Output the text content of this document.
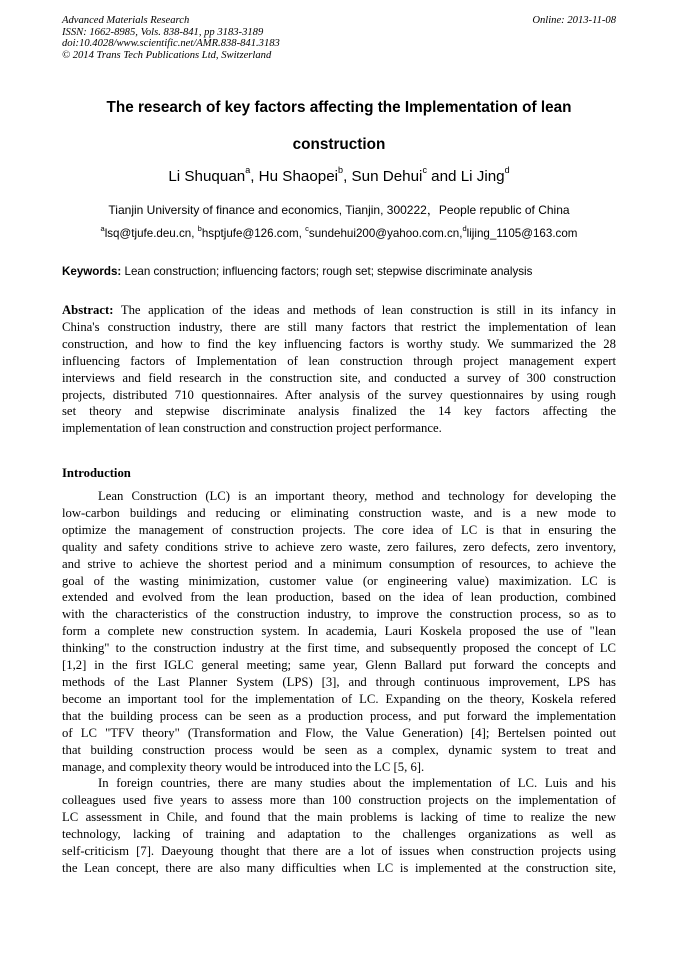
Advanced Materials Research	Online: 2013-11-08
ISSN: 1662-8985, Vols. 838-841, pp 3183-3189
doi:10.4028/www.scientific.net/AMR.838-841.3183
© 2014 Trans Tech Publications Ltd, Switzerland
The research of key factors affecting the Implementation of lean
construction
Li Shuquan$^a$, Hu Shaopei$^b$, Sun Dehui$^c$ and Li Jing$^d$
Tianjin University of finance and economics, Tianjin, 300222，People republic of China
$^a$lsq@tjufe.deu.cn, $^b$hsptjufe@126.com, $^c$sundehui200@yahoo.com.cn,$^d$lijing_1105@163.com
Keywords: Lean construction; influencing factors; rough set; stepwise discriminate analysis
Abstract: The application of the ideas and methods of lean construction is still in its infancy in
China's construction industry, there are still many factors that restrict the implementation of lean
construction, and how to find the key influencing factors is worthy study. We summarized the 28
influencing factors of Implementation of lean construction through project management expert
interviews and field research in the construction site, and conducted a survey of 300 construction
projects, distributed 710 questionnaires. After analysis of the survey questionnaires by using rough
set theory and stepwise discriminate analysis finalized the 14 key factors affecting the
implementation of lean construction and construction project performance.
Introduction
Lean Construction (LC) is an important theory, method and technology for developing the
low-carbon buildings and reducing or eliminating construction waste, and is a new mode to
optimize the management of construction projects. The core idea of LC is that in ensuring the
quality and safety conditions strive to achieve zero waste, zero failures, zero defects, zero inventory,
and strive to achieve the shortest period and a minimum consumption of resources, to achieve the
goal of the wasting minimization, customer value (or engineering value) maximization. LC is
extended and evolved from the lean production, based on the idea of lean production, combined
with the characteristics of the construction industry, to improve the construction process, so as to
form a complete new construction system. In academia, Lauri Koskela proposed the use of "lean
thinking" to the construction industry at the first time, and subsequently proposed the concept of LC
[1,2] in the first IGLC general meeting; same year, Glenn Ballard put forward the concepts and
methods of the Last Planner System (LPS) [3], and through continuous improvement, LPS has
become an important tool for the implementation of LC. Expanding on the theory, Koskela refered
that the building process can be seen as a production process, and put forward the implementation
of LC "TFV theory" (Transformation and Flow, the Value Generation) [4]; Bertelsen pointed out
that building construction process would be seen as a complex, dynamic system to treat and
manage, and complexity theory would be introduced into the LC [5, 6].
In foreign countries, there are many studies about the implementation of LC. Luis and his
colleagues used five years to assess more than 100 construction projects on the implementation of
LC assessment in Chile, and found that the main problems is lacking of time to realize the new
technology, lacking of training and adaptation to the challenges organizations as well as
self-criticism [7]. Daeyoung thought that there are a lot of issues when construction projects using
the Lean concept, there are also many difficulties when LC is implemented at the construction site,
